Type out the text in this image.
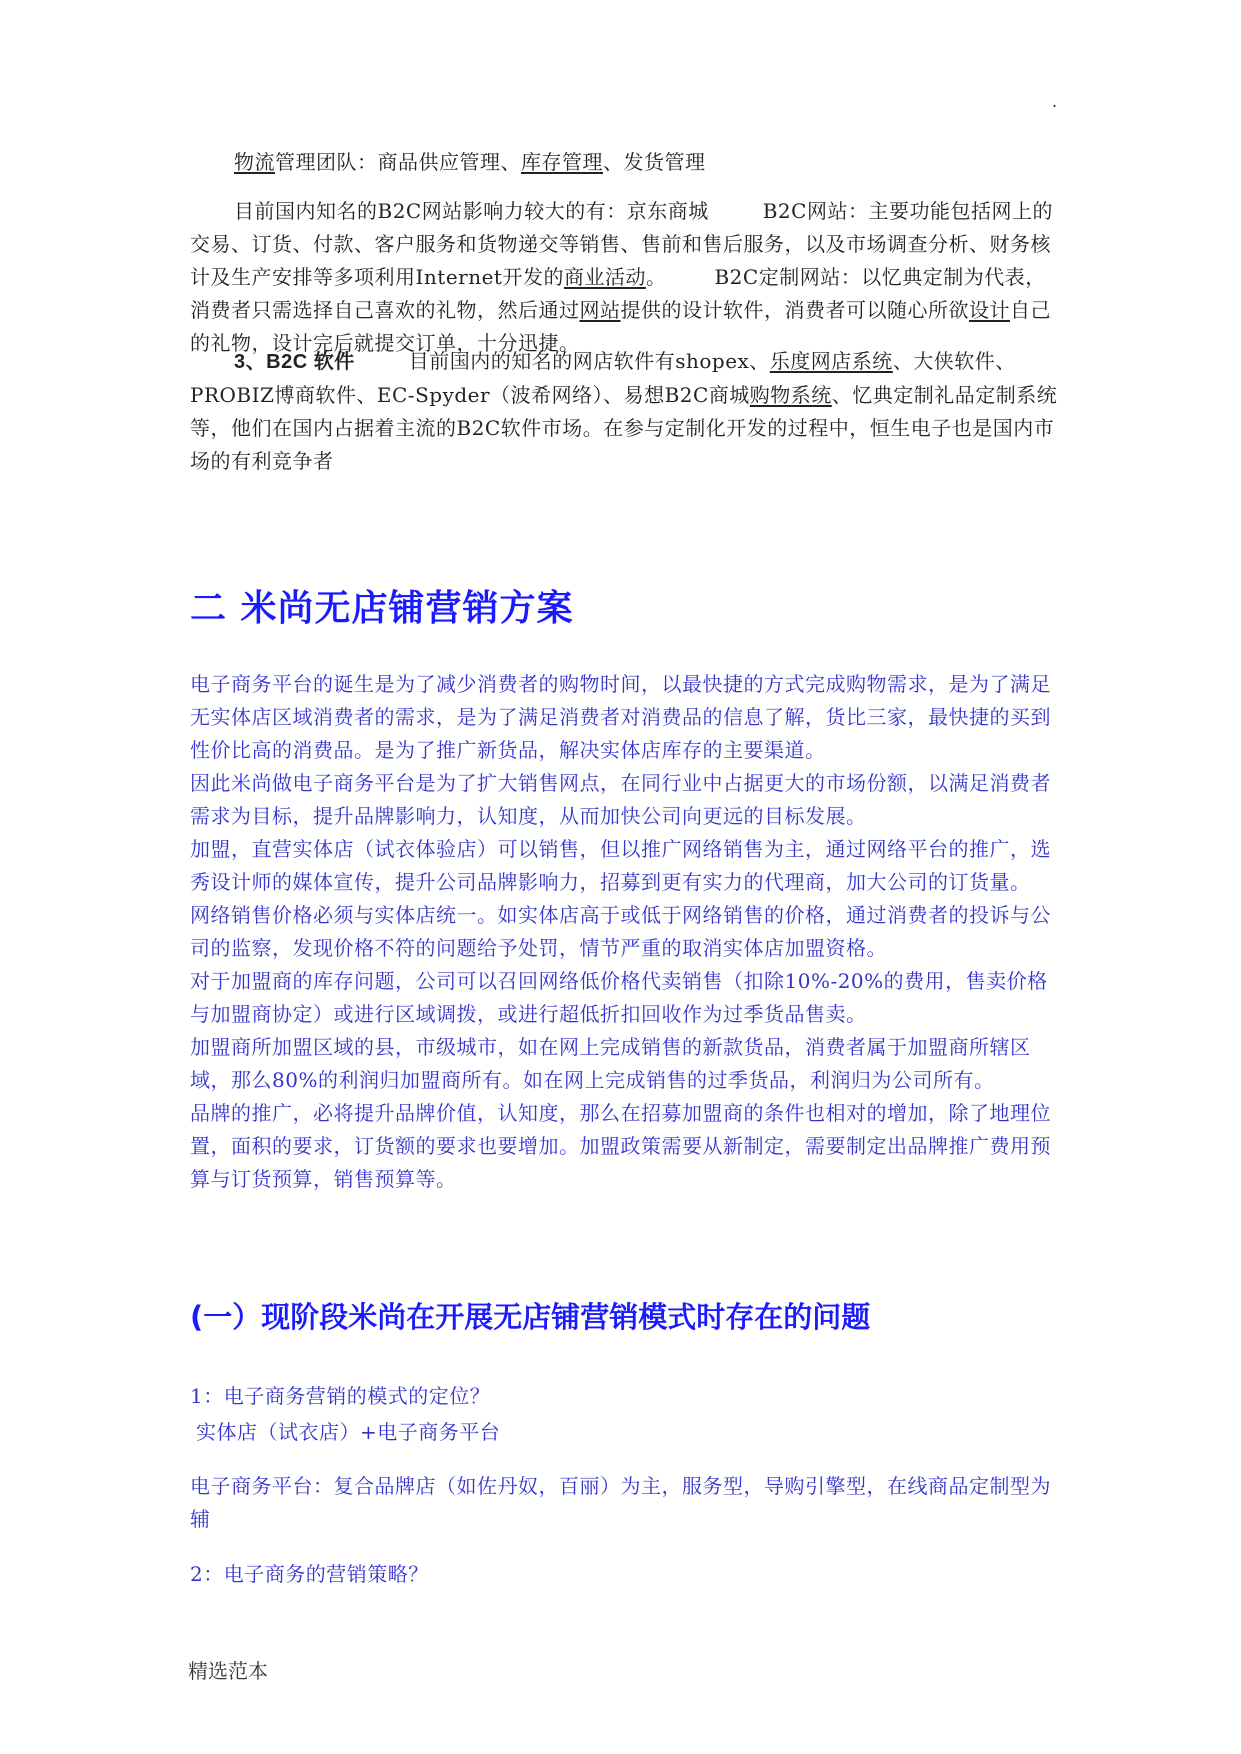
.
物流管理团队：商品供应管理、库存管理、发货管理
目前国内知名的B2C网站影响力较大的有：京东商城	B2C网站：主要功能包括网上的交易、订货、付款、客户服务和货物递交等销售、售前和售后服务，以及市场调查分析、财务核计及生产安排等多项利用Internet开发的商业活动。 B2C定制网站：以忆典定制为代表，消费者只需选择自己喜欢的礼物，然后通过网站提供的设计软件，消费者可以随心所欲设计自己的礼物，设计完后就提交订单，十分迅捷。
3、B2C 软件	目前国内的知名的网店软件有shopex、乐度网店系统、大侠软件、PROBIZ博商软件、EC-Spyder（波希网络）、易想B2C商城购物系统、忆典定制礼品定制系统等，他们在国内占据着主流的B2C软件市场。在参与定制化开发的过程中，恒生电子也是国内市场的有利竞争者
二 米尚无店铺营销方案
电子商务平台的诞生是为了减少消费者的购物时间，以最快捷的方式完成购物需求，是为了满足无实体店区域消费者的需求，是为了满足消费者对消费品的信息了解，货比三家，最快捷的买到性价比高的消费品。是为了推广新货品，解决实体店库存的主要渠道。
因此米尚做电子商务平台是为了扩大销售网点，在同行业中占据更大的市场份额，以满足消费者需求为目标，提升品牌影响力，认知度，从而加快公司向更远的目标发展。
加盟，直营实体店（试衣体验店）可以销售，但以推广网络销售为主，通过网络平台的推广，选秀设计师的媒体宣传，提升公司品牌影响力，招募到更有实力的代理商，加大公司的订货量。
网络销售价格必须与实体店统一。如实体店高于或低于网络销售的价格，通过消费者的投诉与公司的监察，发现价格不符的问题给予处罚，情节严重的取消实体店加盟资格。
对于加盟商的库存问题，公司可以召回网络低价格代卖销售（扣除10%-20%的费用，售卖价格与加盟商协定）或进行区域调拨，或进行超低折扣回收作为过季货品售卖。
加盟商所加盟区域的县，市级城市，如在网上完成销售的新款货品，消费者属于加盟商所辖区域，那么80%的利润归加盟商所有。如在网上完成销售的过季货品，利润归为公司所有。
品牌的推广，必将提升品牌价值，认知度，那么在招募加盟商的条件也相对的增加，除了地理位置，面积的要求，订货额的要求也要增加。加盟政策需要从新制定，需要制定出品牌推广费用预算与订货预算，销售预算等。
(一）现阶段米尚在开展无店铺营销模式时存在的问题
1：电子商务营销的模式的定位？
实体店（试衣店）+电子商务平台
电子商务平台：复合品牌店（如佐丹奴，百丽）为主，服务型，导购引擎型，在线商品定制型为辅
2：电子商务的营销策略？
精选范本
